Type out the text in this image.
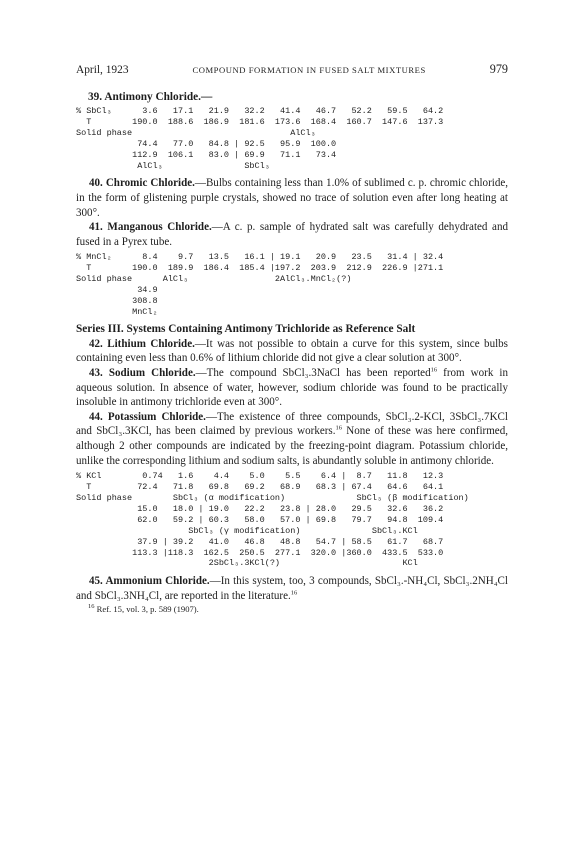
April, 1923	COMPOUND FORMATION IN FUSED SALT MIXTURES	979
39. Antimony Chloride.—
% SbCl₃      3.6   17.1   21.9   32.2   41.4   46.7   52.2   59.5   64.2
T        190.0  188.6  186.9  181.6  173.6  168.4  160.7  147.6  137.3
Solid phase                               AlCl₃
74.4   77.0   84.8 | 92.5   95.9  100.0
112.9  106.1   83.0 | 69.9   71.1   73.4
AlCl₃                SbCl₃

40. Chromic Chloride.—Bulbs containing less than 1.0% of sublimed c. p. chromic chloride, in the form of glistening purple crystals, showed no trace of solution even after long heating at 300°.

41. Manganous Chloride.—A c. p. sample of hydrated salt was carefully dehydrated and fused in a Pyrex tube.

% MnCl₂      8.4    9.7   13.5   16.1 | 19.1   20.9   23.5   31.4 | 32.4
T        190.0  189.9  186.4  185.4 |197.2  203.9  212.9  226.9 |271.1
Solid phase      AlCl₃                 2AlCl₃.MnCl₂(?)
34.9
308.8
MnCl₂
Series III. Systems Containing Antimony Trichloride as Reference Salt

42. Lithium Chloride.—It was not possible to obtain a curve for this system, since bulbs containing even less than 0.6% of lithium chloride did not give a clear solution at 300°.

43. Sodium Chloride.—The compound SbCl₃.3NaCl has been reported$^{16}$ from work in aqueous solution. In absence of water, however, sodium chloride was found to be practically insoluble in antimony trichloride even at 300°.

44. Potassium Chloride.—The existence of three compounds, SbCl₃.2-KCl, 3SbCl₃.7KCl and SbCl₃.3KCl, has been claimed by previous workers.$^{16}$ None of these was here confirmed, although 2 other compounds are indicated by the freezing-point diagram. Potassium chloride, unlike the corresponding lithium and sodium salts, is abundantly soluble in antimony chloride.

% KCl        0.74   1.6    4.4    5.0    5.5    6.4 |  8.7   11.8   12.3
T         72.4   71.8   69.8   69.2   68.9   68.3 | 67.4   64.6   64.1
Solid phase        SbCl₃ (α modification)              SbCl₃ (β modification)
15.0   18.0 | 19.0   22.2   23.8 | 28.0   29.5   32.6   36.2
62.0   59.2 | 60.3   58.0   57.0 | 69.8   79.7   94.8  109.4
SbCl₃ (γ modification)              SbCl₃.KCl
37.9 | 39.2   41.0   46.8   48.8   54.7 | 58.5   61.7   68.7
113.3 |118.3  162.5  250.5  277.1  320.0 |360.0  433.5  533.0
2SbCl₃.3KCl(?)                        KCl

45. Ammonium Chloride.—In this system, too, 3 compounds, SbCl₃.-NH₄Cl, SbCl₃.2NH₄Cl and SbCl₃.3NH₄Cl, are reported in the literature.$^{16}$

$^{16}$ Ref. 15, vol. 3, p. 589 (1907).
